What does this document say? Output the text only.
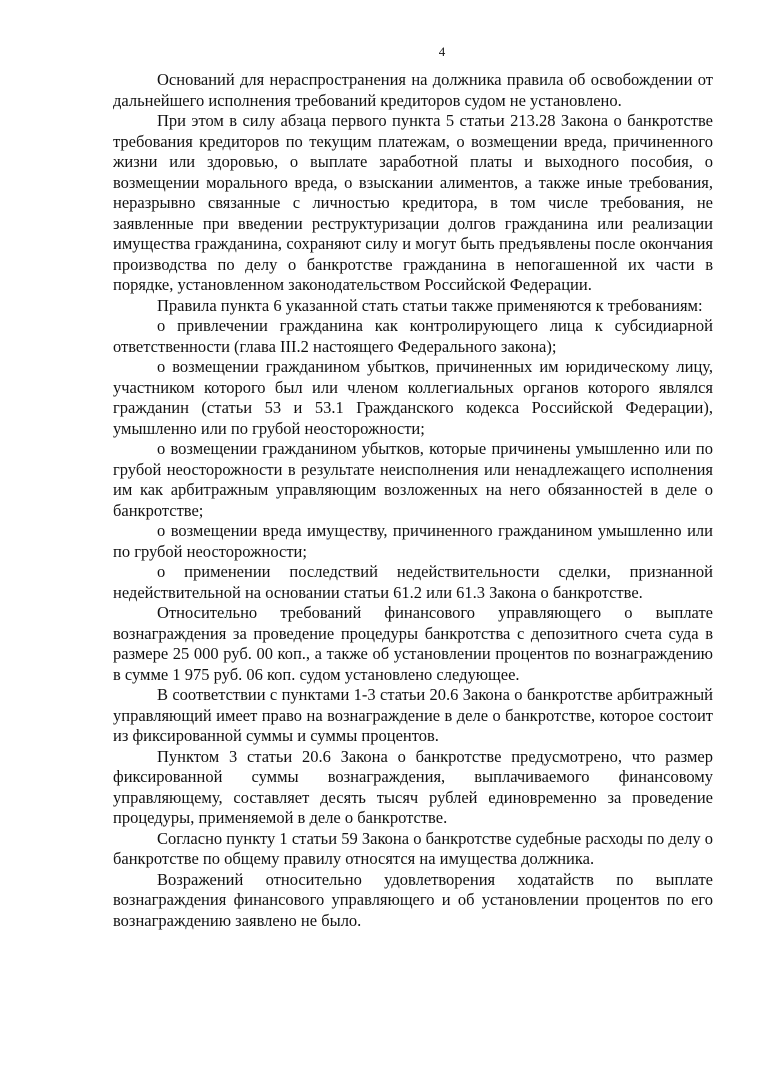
4

Оснований для нераспространения на должника правила об освобождении от дальнейшего исполнения требований кредиторов судом не установлено.

При этом в силу абзаца первого пункта 5 статьи 213.28 Закона о банкротстве требования кредиторов по текущим платежам, о возмещении вреда, причиненного жизни или здоровью, о выплате заработной платы и выходного пособия, о возмещении морального вреда, о взыскании алиментов, а также иные требования, неразрывно связанные с личностью кредитора, в том числе требования, не заявленные при введении реструктуризации долгов гражданина или реализации имущества гражданина, сохраняют силу и могут быть предъявлены после окончания производства по делу о банкротстве гражданина в непогашенной их части в порядке, установленном законодательством Российской Федерации.

Правила пункта 6 указанной стать статьи также применяются к требованиям:

о привлечении гражданина как контролирующего лица к субсидиарной ответственности (глава III.2 настоящего Федерального закона);

о возмещении гражданином убытков, причиненных им юридическому лицу, участником которого был или членом коллегиальных органов которого являлся гражданин (статьи 53 и 53.1 Гражданского кодекса Российской Федерации), умышленно или по грубой неосторожности;

о возмещении гражданином убытков, которые причинены умышленно или по грубой неосторожности в результате неисполнения или ненадлежащего исполнения им как арбитражным управляющим возложенных на него обязанностей в деле о банкротстве;

о возмещении вреда имуществу, причиненного гражданином умышленно или по грубой неосторожности;

о применении последствий недействительности сделки, признанной недействительной на основании статьи 61.2 или 61.3 Закона о банкротстве.

Относительно требований финансового управляющего о выплате вознаграждения за проведение процедуры банкротства с депозитного счета суда в размере 25 000 руб. 00 коп., а также об установлении процентов по вознаграждению в сумме 1 975 руб. 06 коп. судом установлено следующее.

В соответствии с пунктами 1-3 статьи 20.6 Закона о банкротстве арбитражный управляющий имеет право на вознаграждение в деле о банкротстве, которое состоит из фиксированной суммы и суммы процентов.

Пунктом 3 статьи 20.6 Закона о банкротстве предусмотрено, что размер фиксированной суммы вознаграждения, выплачиваемого финансовому управляющему, составляет десять тысяч рублей единовременно за проведение процедуры, применяемой в деле о банкротстве.

Согласно пункту 1 статьи 59 Закона о банкротстве судебные расходы по делу о банкротстве по общему правилу относятся на имущества должника.

Возражений относительно удовлетворения ходатайств по выплате вознаграждения финансового управляющего и об установлении процентов по его вознаграждению заявлено не было.
